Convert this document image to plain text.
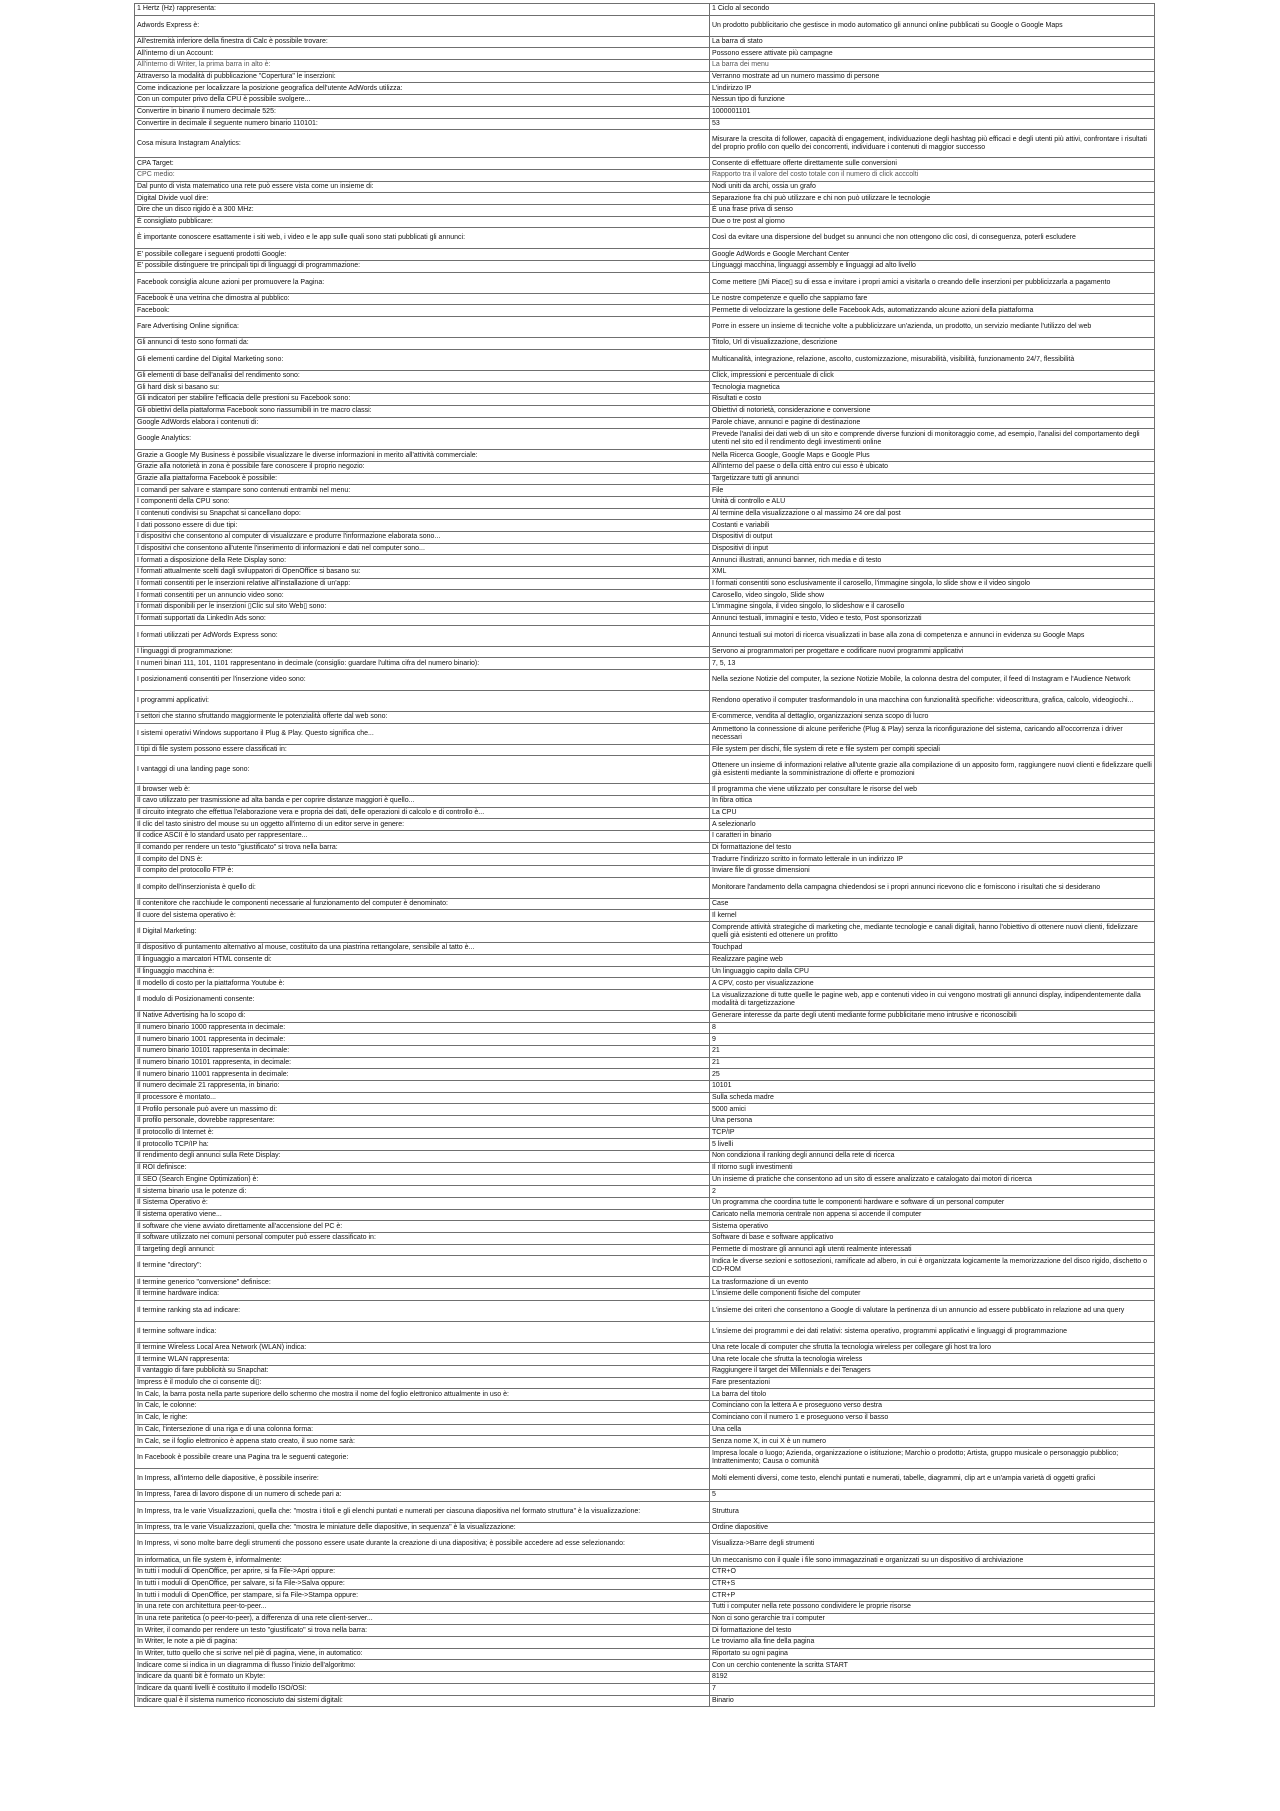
1 Hertz (Hz) rappresenta:	1 Ciclo al secondo
Adwords Express è:	Un prodotto pubblicitario che gestisce in modo automatico gli annunci online pubblicati su Google o Google Maps
All'estremità inferiore della finestra di Calc è possibile trovare:	La barra di stato
All'interno di un Account:	Possono essere attivate più campagne
All'interno di Writer, la prima barra in alto è:	La barra dei menu
Attraverso la modalità di pubblicazione "Copertura" le inserzioni:	Verranno mostrate ad un numero massimo di persone
Come indicazione per localizzare la posizione geografica dell'utente AdWords utilizza:	L'indirizzo IP
Con un computer privo della CPU è possibile svolgere...	Nessun tipo di funzione
Convertire in binario il numero decimale 525:	1000001101
Convertire in decimale il seguente numero binario 110101:	53
Cosa misura Instagram Analytics:	Misurare la crescita di follower, capacità di engagement, individuazione degli hashtag più efficaci e degli utenti più attivi, confrontare i risultati del proprio profilo con quello dei concorrenti, individuare i contenuti di maggior successo
CPA Target:	Consente di effettuare offerte direttamente sulle conversioni
CPC medio:	Rapporto tra il valore del costo totale con il numero di click acccolti
Dal punto di vista matematico una rete può essere vista come un insieme di:	Nodi uniti da archi, ossia un grafo
Digital Divide vuol dire:	Separazione fra chi può utilizzare e chi non può utilizzare le tecnologie
Dire che un disco rigido è a 300 MHz:	È una frase priva di senso
È consigliato pubblicare:	Due o tre post al giorno
È importante conoscere esattamente i siti web, i video e le app sulle quali sono stati pubblicati gli annunci:	Così da evitare una dispersione del budget su annunci che non ottengono clic così, di conseguenza, poterli escludere
E' possibile collegare i seguenti prodotti Google:	Google AdWords e Google Merchant Center
E' possibile distinguere tre principali tipi di linguaggi di programmazione:	Linguaggi macchina, linguaggi assembly e linguaggi ad alto livello
Facebook consiglia alcune azioni per promuovere la Pagina:	Come mettere ▯Mi Piace▯ su di essa e invitare i propri amici a visitarla o creando delle inserzioni per pubblicizzarla a pagamento
Facebook è una vetrina che dimostra al pubblico:	Le nostre competenze e quello che sappiamo fare
Facebook:	Permette di velocizzare la gestione delle Facebook Ads, automatizzando alcune azioni della piattaforma
Fare Advertising Online significa:	Porre in essere un insieme di tecniche volte a pubblicizzare un'azienda, un prodotto, un servizio mediante l'utilizzo del web
Gli annunci di testo sono formati da:	Titolo, Url di visualizzazione, descrizione
Gli elementi cardine del Digital Marketing sono:	Multicanalità, integrazione, relazione, ascolto, customizzazione, misurabilità, visibilità, funzionamento 24/7, flessibilità
Gli elementi di base dell'analisi del rendimento sono:	Click, impressioni e percentuale di click
Gli hard disk si basano su:	Tecnologia magnetica
Gli indicatori per stabilire l'efficacia delle prestioni su Facebook sono:	Risultati e costo
Gli obiettivi della piattaforma Facebook sono riassumibili in tre macro classi:	Obiettivi di notorietà, considerazione e conversione
Google AdWords elabora i contenuti di:	Parole chiave, annunci e pagine di destinazione
Google Analytics:	Prevede l'analisi dei dati web di un sito e comprende diverse funzioni di monitoraggio come, ad esempio, l'analisi del comportamento degli utenti nel sito ed il rendimento degli investimenti online
Grazie a Google My Business è possibile visualizzare le diverse informazioni in merito all'attività commerciale:	Nella Ricerca Google, Google Maps e Google Plus
Grazie alla notorietà in zona è possibile fare conoscere il proprio negozio:	All'interno del paese o della città entro cui esso è ubicato
Grazie alla piattaforma Facebook è possibile:	Targetizzare tutti gli annunci
I comandi per salvare e stampare sono contenuti entrambi nel menu:	File
I componenti della CPU sono:	Unità di controllo e ALU
I contenuti condivisi su Snapchat si cancellano dopo:	Al termine della visualizzazione o al massimo 24 ore dal post
I dati possono essere di due tipi:	Costanti e variabili
I dispositivi che consentono al computer di visualizzare e produrre l'informazione elaborata sono...	Dispositivi di output
I dispositivi che consentono all'utente l'inserimento di informazioni e dati nel computer sono...	Dispositivi di input
I formati a disposizione della Rete Display sono:	Annunci illustrati, annunci banner, rich media e di testo
I formati attualmente scelti dagli sviluppatori di OpenOffice si basano su:	XML
I formati consentiti per le inserzioni relative all'installazione di un'app:	I formati consentiti sono esclusivamente il carosello, l'immagine singola, lo slide show e il video singolo
I formati consentiti per un annuncio video sono:	Carosello, video singolo, Slide show
I formati disponibili per le inserzioni ▯Clic sul sito Web▯ sono:	L'immagine singola, il video singolo, lo slideshow e il carosello
I formati supportati da LinkedIn Ads sono:	Annunci testuali, immagini e testo, Video e testo, Post sponsorizzati
I formati utilizzati per AdWords Express sono:	Annunci testuali sui motori di ricerca visualizzati in base alla zona di competenza e annunci in evidenza su Google Maps
I linguaggi di programmazione:	Servono ai programmatori per progettare e codificare nuovi programmi applicativi
I numeri binari 111, 101, 1101 rappresentano in decimale (consiglio: guardare l'ultima cifra del numero binario):	7, 5, 13
I posizionamenti consentiti per l'inserzione video sono:	Nella sezione Notizie del computer, la sezione Notizie Mobile, la colonna destra del computer, il feed di Instagram e l'Audience Network
I programmi applicativi:	Rendono operativo il computer trasformandolo in una macchina con funzionalità specifiche: videoscrittura, grafica, calcolo, videogiochi...
I settori che stanno sfruttando maggiormente le potenzialità offerte dal web sono:	E-commerce, vendita al dettaglio, organizzazioni senza scopo di lucro
I sistemi operativi Windows supportano il Plug & Play. Questo significa che...	Ammettono la connessione di alcune periferiche (Plug & Play) senza la riconfigurazione del sistema, caricando all'occorrenza i driver necessari
I tipi di file system possono essere classificati in:	File system per dischi, file system di rete e file system per compiti speciali
I vantaggi di una landing page sono:	Ottenere un insieme di informazioni relative all'utente grazie alla compilazione di un apposito form, raggiungere nuovi clienti e fidelizzare quelli già esistenti mediante la somministrazione di offerte e promozioni
Il browser web è:	Il programma che viene utilizzato per consultare le risorse del web
Il cavo utilizzato per trasmissione ad alta banda e per coprire distanze maggiori è quello...	In fibra ottica
Il circuito integrato che effettua l'elaborazione vera e propria dei dati, delle operazioni di calcolo e di controllo è...	La CPU
Il clic del tasto sinistro del mouse su un oggetto all'interno di un editor serve in genere:	A selezionarlo
Il codice ASCII è lo standard usato per rappresentare...	I caratteri in binario
Il comando per rendere un testo "giustificato" si trova nella barra:	Di formattazione del testo
Il compito del DNS è:	Tradurre l'indirizzo scritto in formato letterale in un indirizzo IP
Il compito del protocollo FTP è:	Inviare file di grosse dimensioni
Il compito dell'inserzionista è quello di:	Monitorare l'andamento della campagna chiedendosi se i propri annunci ricevono clic e forniscono i risultati che si desiderano
Il contenitore che racchiude le componenti necessarie al funzionamento del computer è denominato:	Case
Il cuore del sistema operativo è:	Il kernel
Il Digital Marketing:	Comprende attività strategiche di marketing che, mediante tecnologie e canali digitali, hanno l'obiettivo di ottenere nuovi clienti, fidelizzare quelli già esistenti ed ottenere un profitto
Il dispositivo di puntamento alternativo al mouse, costituito da una piastrina rettangolare, sensibile al tatto è...	Touchpad
Il linguaggio a marcatori HTML consente di:	Realizzare pagine web
Il linguaggio macchina è:	Un linguaggio capito dalla CPU
Il modello di costo per la piattaforma Youtube è:	A CPV, costo per visualizzazione
Il modulo di Posizionamenti consente:	La visualizzazione di tutte quelle le pagine web, app e contenuti video in cui vengono mostrati gli annunci display, indipendentemente dalla modalità di targetizzazione
Il Native Advertising ha lo scopo di:	Generare interesse da parte degli utenti mediante forme pubblicitarie meno intrusive e riconoscibili
Il numero binario 1000 rappresenta in decimale:	8
Il numero binario 1001 rappresenta in decimale:	9
Il numero binario 10101 rappresenta in decimale:	21
Il numero binario 10101 rappresenta, in decimale:	21
Il numero binario 11001 rappresenta in decimale:	25
Il numero decimale 21 rappresenta, in binario:	10101
Il processore è montato...	Sulla scheda madre
Il Profilo personale può avere un massimo di:	5000 amici
Il profilo personale, dovrebbe rappresentare:	Una persona
Il protocollo di Internet è:	TCP/IP
Il protocollo TCP/IP ha:	5 livelli
Il rendimento degli annunci sulla Rete Display:	Non condiziona il ranking degli annunci della rete di ricerca
Il ROI definisce:	Il ritorno sugli investimenti
Il SEO (Search Engine Optimization) è:	Un insieme di pratiche che consentono ad un sito di essere analizzato e catalogato dai motori di ricerca
Il sistema binario usa le potenze di:	2
Il Sistema Operativo è:	Un programma che coordina tutte le componenti hardware e software di un personal computer
Il sistema operativo viene...	Caricato nella memoria centrale non appena si accende il computer
Il software che viene avviato direttamente all'accensione del PC è:	Sistema operativo
Il software utilizzato nei comuni personal computer può essere classificato in:	Software di base e software applicativo
Il targeting degli annunci:	Permette di mostrare gli annunci agli utenti realmente interessati
Il termine "directory":	Indica le diverse sezioni e sottosezioni, ramificate ad albero, in cui è organizzata logicamente la memorizzazione del disco rigido, dischetto o CD-ROM
Il termine generico "conversione" definisce:	La trasformazione di un evento
Il termine hardware indica:	L'insieme delle componenti fisiche del computer
Il termine ranking sta ad indicare:	L'insieme dei criteri che consentono a Google di valutare la pertinenza di un annuncio ad essere pubblicato in relazione ad una query
Il termine software indica:	L'insieme dei programmi e dei dati relativi: sistema operativo, programmi applicativi e linguaggi di programmazione
Il termine Wireless Local Area Network (WLAN) indica:	Una rete locale di computer che sfrutta la tecnologia wireless per collegare gli host tra loro
Il termine WLAN rappresenta:	Una rete locale che sfrutta la tecnologia wireless
Il vantaggio di fare pubblicità su Snapchat:	Raggiungere il target dei Millennials e dei Tenagers
Impress è il modulo che ci consente di▯:	Fare presentazioni
In Calc, la barra posta nella parte superiore dello schermo che mostra il nome del foglio elettronico attualmente in uso è:	La barra del titolo
In Calc, le colonne:	Cominciano con la lettera A e proseguono verso destra
In Calc, le righe:	Cominciano con il numero 1 e proseguono verso il basso
In Calc, l'intersezione di una riga e di una colonna forma:	Una cella
In Calc, se il foglio elettronico è appena stato creato, il suo nome sarà:	Senza nome X, in cui X è un numero
In Facebook è possibile creare una Pagina tra le seguenti categorie:	Impresa locale o luogo; Azienda, organizzazione o istituzione; Marchio o prodotto; Artista, gruppo musicale o personaggio pubblico; Intrattenimento; Causa o comunità
In Impress, all'interno delle diapositive, è possibile inserire:	Molti elementi diversi, come testo, elenchi puntati e numerati, tabelle, diagrammi, clip art e un'ampia varietà di oggetti grafici
In Impress, l'area di lavoro dispone di un numero di schede pari a:	5
In Impress, tra le varie Visualizzazioni, quella che: "mostra i titoli e gli elenchi puntati e numerati per ciascuna diapositiva nel formato struttura" è la visualizzazione:	Struttura
In Impress, tra le varie Visualizzazioni, quella che: "mostra le miniature delle diapositive, in sequenza" è la visualizzazione:	Ordine diapositive
In Impress, vi sono molte barre degli strumenti che possono essere usate durante la creazione di una diapositiva; è possibile accedere ad esse selezionando:	Visualizza->Barre degli strumenti
In informatica, un file system è, informalmente:	Un meccanismo con il quale i file sono immagazzinati e organizzati su un dispositivo di archiviazione
In tutti i moduli di OpenOffice, per aprire, si fa File->Apri oppure:	CTR+O
In tutti i moduli di OpenOffice, per salvare, si fa File->Salva oppure:	CTR+S
In tutti i moduli di OpenOffice, per stampare, si fa File->Stampa oppure:	CTR+P
In una rete con architettura peer-to-peer...	Tutti i computer nella rete possono condividere le proprie risorse
In una rete paritetica (o peer-to-peer), a differenza di una rete client-server...	Non ci sono gerarchie tra i computer
In Writer, il comando per rendere un testo "giustificato" si trova nella barra:	Di formattazione del testo
In Writer, le note a piè di pagina:	Le troviamo alla fine della pagina
In Writer, tutto quello che si scrive nel piè di pagina, viene, in automatico:	Riportato su ogni pagina
Indicare come si indica in un diagramma di flusso l'inizio dell'algoritmo:	Con un cerchio contenente la scritta START
Indicare da quanti bit è formato un Kbyte:	8192
Indicare da quanti livelli è costituito il modello ISO/OSI:	7
Indicare qual è il sistema numerico riconosciuto dai sistemi digitali:	Binario
